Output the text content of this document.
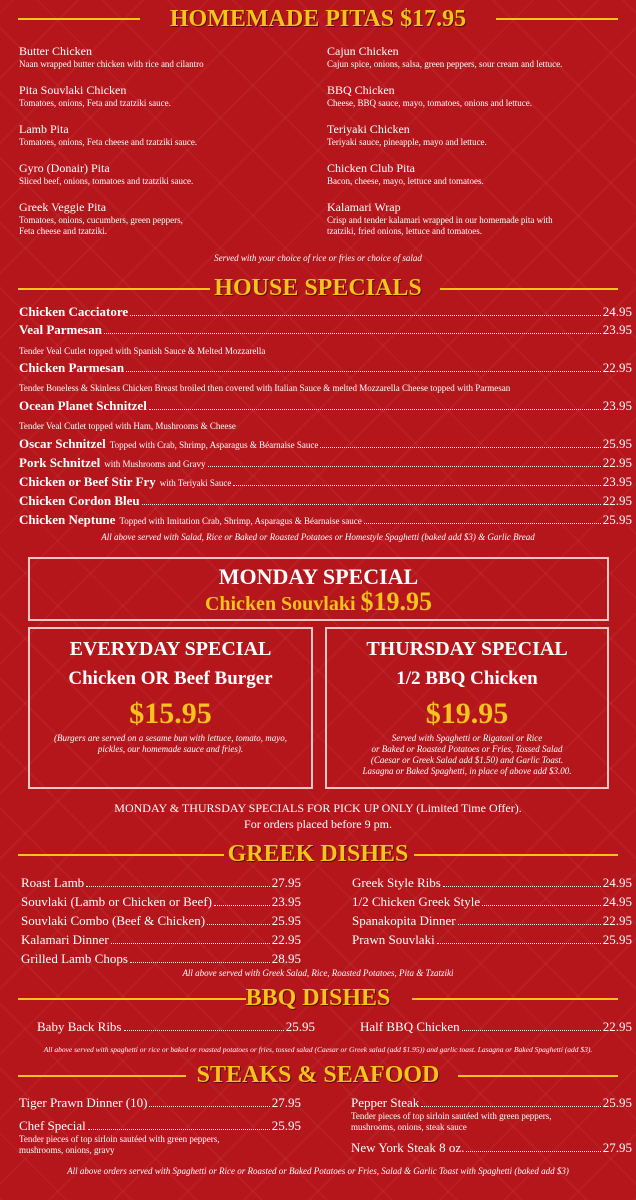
HOMEMADE PITAS $17.95
Butter Chicken
Naan wrapped butter chicken with rice and cilantro
Cajun Chicken
Cajun spice, onions, salsa, green peppers, sour cream and lettuce.
Pita Souvlaki Chicken
Tomatoes, onions, Feta and tzatziki sauce.
BBQ Chicken
Cheese, BBQ sauce, mayo, tomatoes, onions and lettuce.
Lamb Pita
Tomatoes, onions, Feta cheese and tzatziki sauce.
Teriyaki Chicken
Teriyaki sauce, pineapple, mayo and lettuce.
Gyro (Donair) Pita
Sliced beef, onions, tomatoes and tzatziki sauce.
Chicken Club Pita
Bacon, cheese, mayo, lettuce and tomatoes.
Greek Veggie Pita
Tomatoes, onions, cucumbers, green peppers,
Feta cheese and tzatziki.
Kalamari Wrap
Crisp and tender kalamari wrapped in our homemade pita with
tzatziki, fried onions, lettuce and tomatoes.
Served with your choice of rice or fries or choice of salad
HOUSE SPECIALS
Chicken Cacciatore	24.95
Veal Parmesan	23.95
Tender Veal Cutlet topped with Spanish Sauce & Melted Mozzarella
Chicken Parmesan	22.95
Tender Boneless & Skinless Chicken Breast broiled then covered with Italian Sauce & melted Mozzarella Cheese topped with Parmesan
Ocean Planet Schnitzel	23.95
Tender Veal Cutlet topped with Ham, Mushrooms & Cheese
Oscar Schnitzel Topped with Crab, Shrimp, Asparagus & Béarnaise Sauce	25.95
Pork Schnitzel with Mushrooms and Gravy	22.95
Chicken or Beef Stir Fry with Teriyaki Sauce	23.95
Chicken Cordon Bleu	22.95
Chicken Neptune Topped with Imitation Crab, Shrimp, Asparagus & Béarnaise sauce	25.95
All above served with Salad, Rice or Baked or Roasted Potatoes or Homestyle Spaghetti (baked add $3) & Garlic Bread
MONDAY SPECIAL
Chicken Souvlaki $19.95
EVERYDAY SPECIAL
Chicken OR Beef Burger
$15.95
(Burgers are served on a sesame bun with lettuce, tomato, mayo,
pickles, our homemade sauce and fries).
THURSDAY SPECIAL
1/2 BBQ Chicken
$19.95
Served with Spaghetti or Rigatoni or Rice
or Baked or Roasted Potatoes or Fries, Tossed Salad
(Caesar or Greek Salad add $1.50) and Garlic Toast.
Lasagna or Baked Spaghetti, in place of above add $3.00.
MONDAY & THURSDAY SPECIALS FOR PICK UP ONLY (Limited Time Offer).
For orders placed before 9 pm.
GREEK DISHES
Roast Lamb	27.95
Souvlaki (Lamb or Chicken or Beef)	23.95
Souvlaki Combo (Beef & Chicken)	25.95
Kalamari Dinner	22.95
Grilled Lamb Chops	28.95
Greek Style Ribs	24.95
1/2 Chicken Greek Style	24.95
Spanakopita Dinner	22.95
Prawn Souvlaki	25.95
All above served with Greek Salad, Rice, Roasted Potatoes, Pita & Tzatziki
BBQ DISHES
Baby Back Ribs	25.95	Half BBQ Chicken	22.95
All above served with spaghetti or rice or baked or roasted potatoes or fries, tossed salad (Caesar or Greek salad (add $1.95)) and garlic toast. Lasagna or Baked Spaghetti (add $3).
STEAKS & SEAFOOD
Tiger Prawn Dinner (10)	27.95
Chef Special	25.95
Tender pieces of top sirloin sautéed with green peppers,
mushrooms, onions, gravy
Pepper Steak	25.95
Tender pieces of top sirloin sautéed with green peppers,
mushrooms, onions, steak sauce
New York Steak 8 oz.	27.95
All above orders served with Spaghetti or Rice or Roasted or Baked Potatoes or Fries, Salad & Garlic Toast with Spaghetti (baked add $3)
